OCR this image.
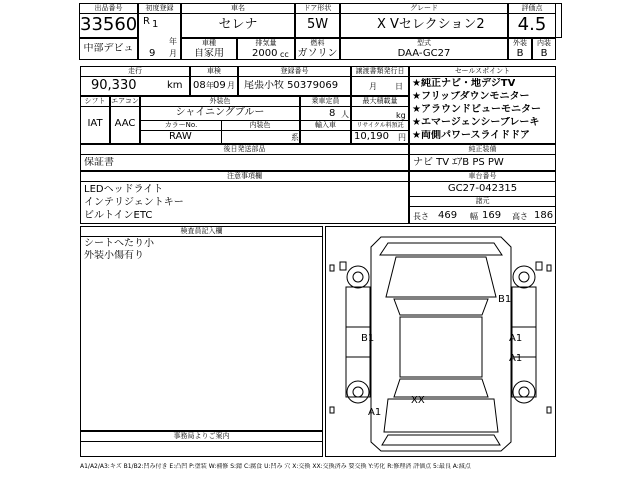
出品番号
33560
中部デビュ
初度登録
R 1
年
9 月
車名
セレナ
ドア形状
5W
グレード
X Vセレクション2
評価点
4.5
車種
自家用
排気量
2000 cc
燃料
ガソリン
型式
DAA-GC27
外装
B
内装
B
走行
90,330	km
車検
08 年 09 月
登録番号
尾張小牧 50379069
譲渡書類発行日
月 日
セールスポイント
★純正ナビ・地デジTV
★フリップダウンモニター
★アラウンドビューモニター
★エマージェンシーブレーキ
★両側パワースライドドア
シフト
IAT
エアコン
AAC
外装色
シャイニングブルー
カラーNo.	内装色
RAW	系
乗車定員
8 人
輸入車
最大積載量
kg
リサイクル料預託
10,190 円
後日発送部品
保証書
純正装備
ナビ TV ｴｱB PS PW
注意事項欄
LEDヘッドライト
インテリジェントキー
ビルトインETC
車台番号
GC27-042315
諸元
長さ 469 幅 169 高さ 186
検査員記入欄
シートへたり小
外装小傷有り
事務局よりご案内
B1
B1	A1
A1
A1
XX
A1/A2/A3:キズ B1/B2:凹み付き E:凸凹 P:塗装 W:補修 S:錆 C:腐食 U:凹み 穴 X:交換 XX:交換済み 要交換 Y:劣化 R:修理済 評価点 5:最良 A:減点
